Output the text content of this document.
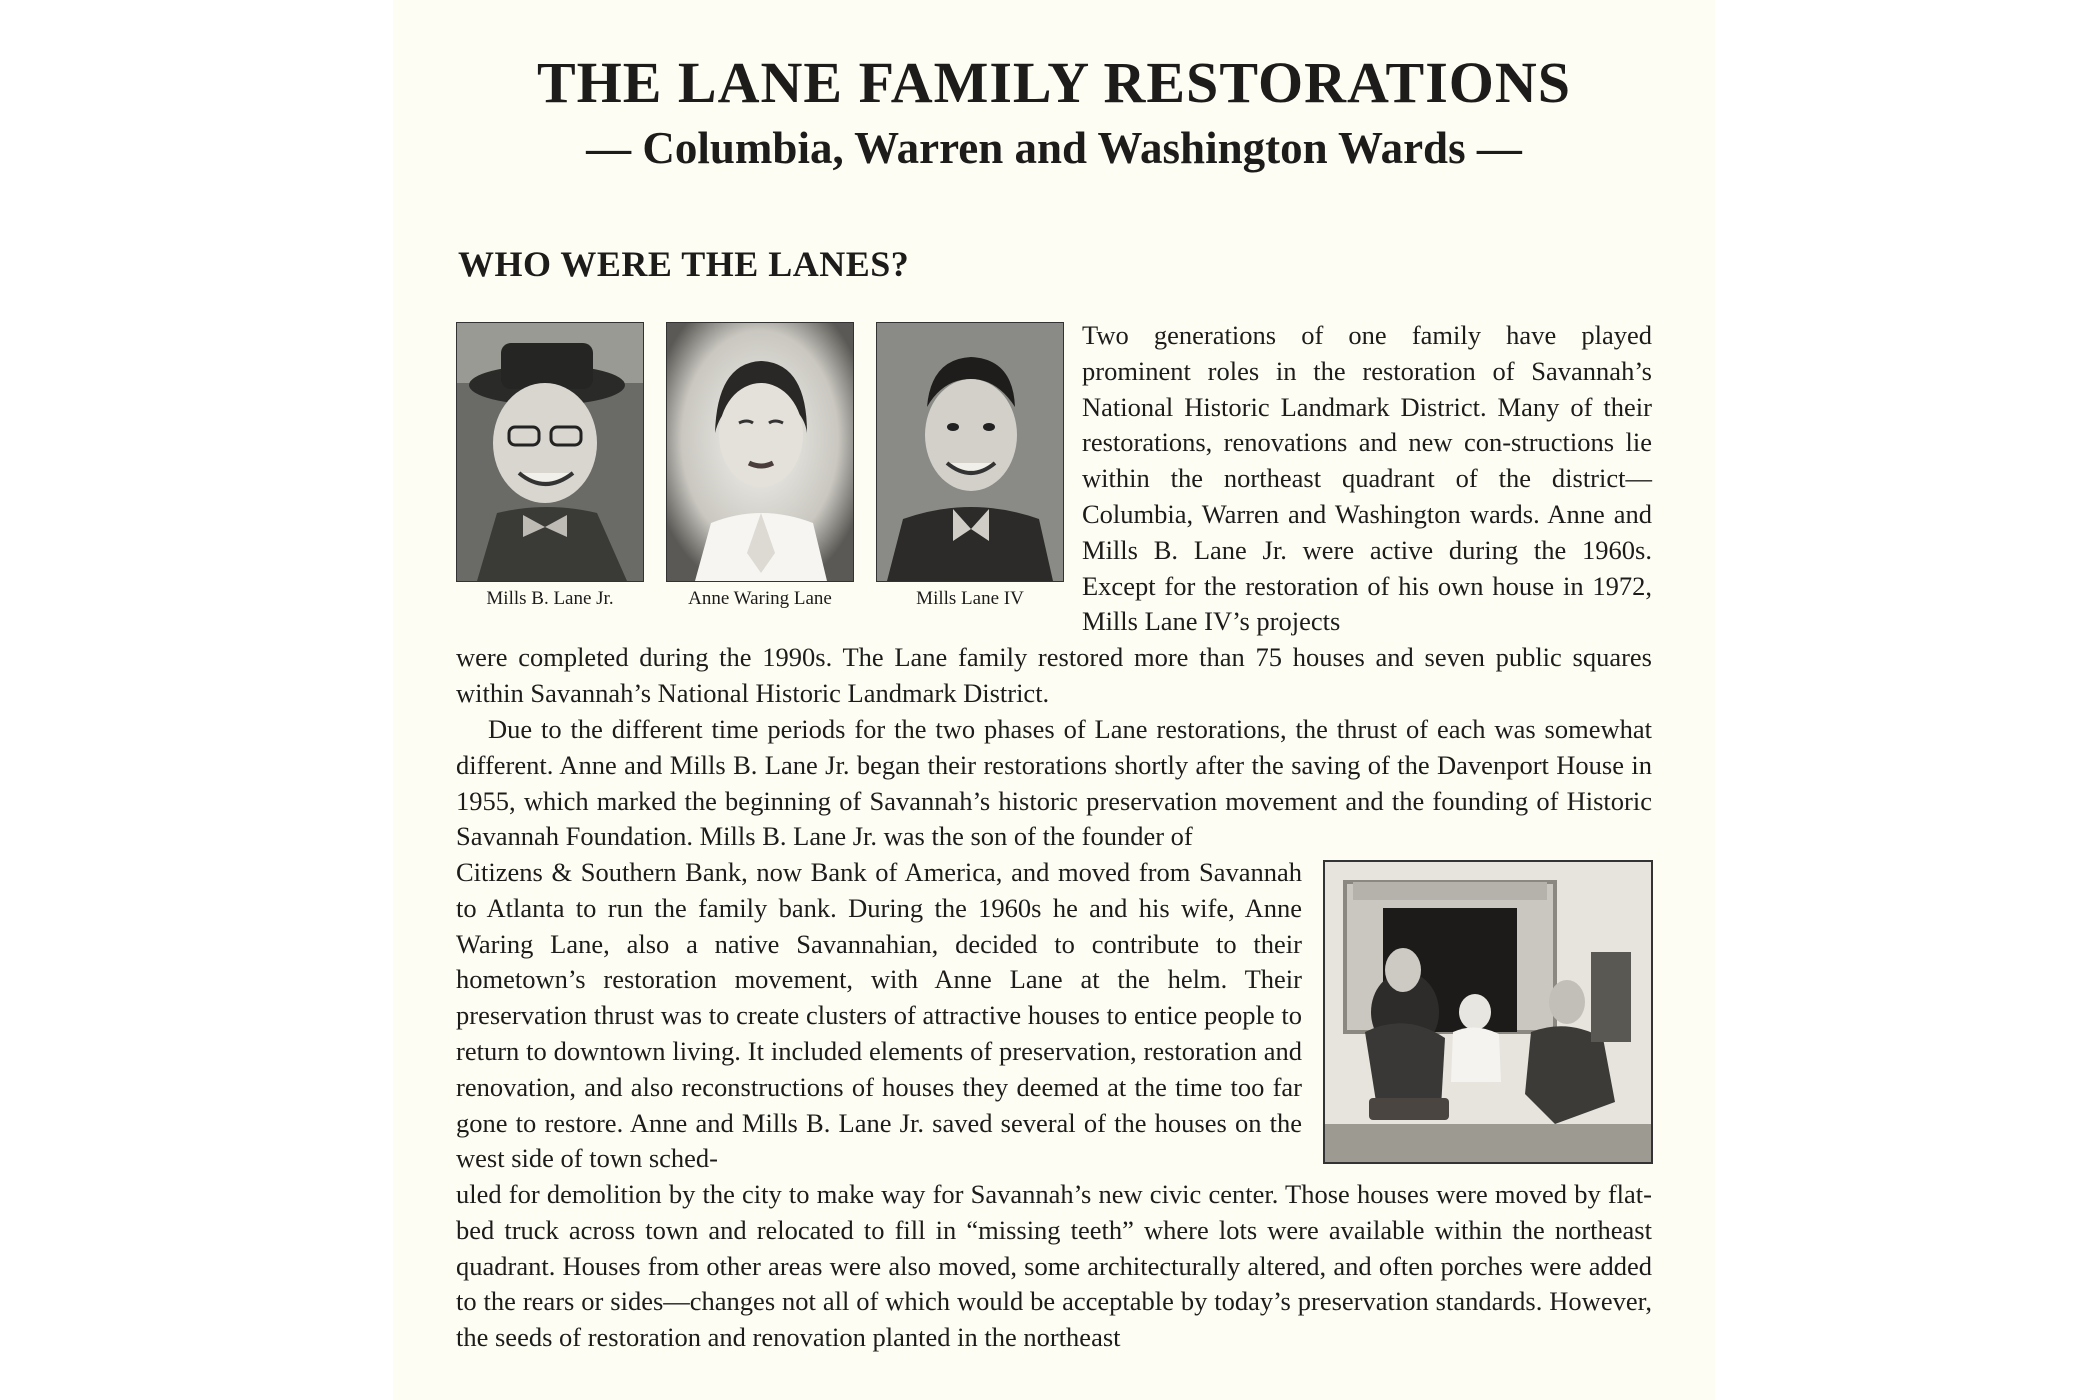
THE LANE FAMILY RESTORATIONS
— Columbia, Warren and Washington Wards —
WHO WERE THE LANES?
Mills B. Lane Jr.	Anne Waring Lane	Mills Lane IV

Two generations of one family have played prominent roles in the restoration of Savannah’s National Historic Landmark District. Many of their restorations, renovations and new con-structions lie within the northeast quadrant of the district—Columbia, Warren and Washington wards. Anne and Mills B. Lane Jr. were active during the 1960s. Except for the restoration of his own house in 1972, Mills Lane IV’s projects

were completed during the 1990s. The Lane family restored more than 75 houses and seven public squares within Savannah’s National Historic Landmark District.

Due to the different time periods for the two phases of Lane restorations, the thrust of each was somewhat different. Anne and Mills B. Lane Jr. began their restorations shortly after the saving of the Davenport House in 1955, which marked the beginning of Savannah’s historic preservation movement and the founding of Historic Savannah Foundation. Mills B. Lane Jr. was the son of the founder of

Citizens & Southern Bank, now Bank of America, and moved from Savannah to Atlanta to run the family bank. During the 1960s he and his wife, Anne Waring Lane, also a native Savannahian, decided to contribute to their hometown’s restoration movement, with Anne Lane at the helm. Their preservation thrust was to create clusters of attractive houses to entice people to return to downtown living. It included elements of preservation, restoration and renovation, and also reconstructions of houses they deemed at the time too far gone to restore. Anne and Mills B. Lane Jr. saved several of the houses on the west side of town sched-

uled for demolition by the city to make way for Savannah’s new civic center. Those houses were moved by flat-bed truck across town and relocated to fill in “missing teeth” where lots were available within the northeast quadrant. Houses from other areas were also moved, some architecturally altered, and often porches were added to the rears or sides—changes not all of which would be acceptable by today’s preservation standards. However, the seeds of restoration and renovation planted in the northeast
